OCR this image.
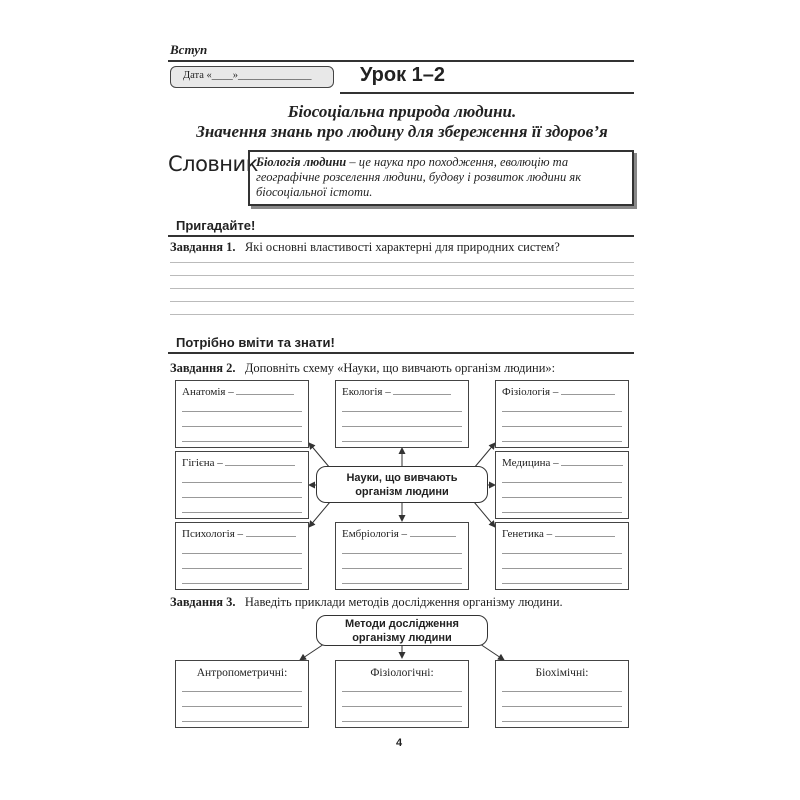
Вступ
Дата «____»______________ Урок 1–2
Біосоціальна природа людини.
Значення знань про людину для збереження її здоров’я
Словник
Біологія людини – це наука про походження, еволюцію та географічне розселення людини, будову і розвиток людини як біосоціальної істоти.
Пригадайте!
Завдання 1. Які основні властивості характерні для природних систем?
Потрібно вміти та знати!
Завдання 2. Доповніть схему «Науки, що вивчають організм людини»:
Анатомія –	Екологія –	Фізіологія –
Гігієна –
Науки, що вивчають організм людини
Медицина –
Психологія –	Ембріологія –	Генетика –
Завдання 3. Наведіть приклади методів дослідження організму людини.
Методи дослідження організму людини
Антропометричні:	Фізіологічні:	Біохімічні:
4
